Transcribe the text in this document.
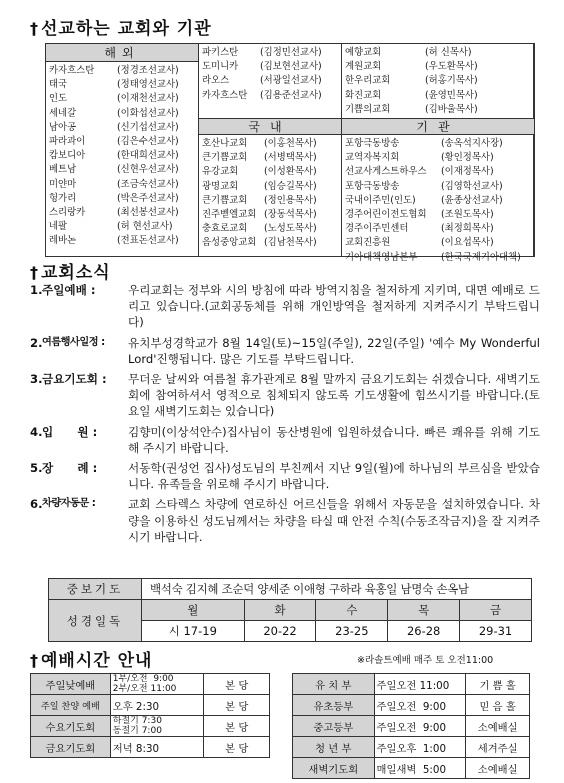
† 선교하는 교회와 기관
해외
카자흐스탄	(정경조선교사)
태국	(정태영선교사)
인도	(이재천선교사)
세네갈	(이화섭선교사)
남아공	(신기섭선교사)
파라과이	(김은수선교사)
캄보디아	(한대희선교사)
베트남	(신현우선교사)
미얀마	(조금숙선교사)
헝가리	(박은주선교사)
스리랑카	(최선봉선교사)
네팔	(허 현선교사)
레바논	(전표돈선교사)
파키스탄	(김정민선교사)
도미니카	(김보현선교사)
라오스	(서광일선교사)
카자흐스탄	(김용준선교사)
예향교회	(허 신목사)
계원교회	(우도환목사)
한우리교회	(허홍기목사)
화진교회	(윤영민목사)
기쁨의교회	(김바울목사)
국내	기관
호산나교회	(이홍천목사)
큰기쁨교회	(서병택목사)
유강교회	(이성환목사)
광명교회	(임승길목사)
큰기쁨교회	(정인용목사)
진주벧엘교회 (장동석목사)
충효로교회	(노성도목사)
음성중앙교회 (김남천목사)
포항극동방송	(송옥석지사장)
교역자복지회	(황인정목사)
선교사게스트하우스	(이재정목사)
포항극동방송	(김영학선교사)
국내이주민(인도)	(윤종상선교사)
경주어린이전도협회	(조원도목사)
경주이주민센터	(최정희목사)
교회진흥원	(이요섭목사)
기아대책영남본부	(한국국제기아대책)
† 교회소식
1. 주일예배 :	우리교회는 정부와 시의 방침에 따라 방역지침을 철저하게 지키며, 대면 예배로 드리고 있습니다.(교회공동체를 위해 개인방역을 철저하게 지켜주시기 부탁드립니다)
2. 여름행사일정 :	유치부성경학교가 8월 14일(토)~15일(주일), 22일(주일) '예수 My Wonderful Lord'진행됩니다. 많은 기도를 부탁드립니다.
3. 금요기도회 :	무더운 날씨와 여름철 휴가관계로 8월 말까지 금요기도회는 쉬겠습니다. 새벽기도회에 참여하셔서 영적으로 침체되지 않도록 기도생활에 힘쓰시기를 바랍니다.(토요일 새벽기도회는 있습니다)
4. 입      원 :	김향미(이상석안수)집사님이 동산병원에 입원하셨습니다. 빠른 쾌유를 위해 기도해 주시기 바랍니다.
5. 장      례 :	서동학(권성언 집사)성도님의 부친께서 지난 9일(월)에 하나님의 부르심을 받았습니다. 유족들을 위로해 주시기 바랍니다.
6. 차량자동문 :	교회 스타렉스 차량에 연로하신 어르신들을 위해서 자동문을 설치하였습니다. 차량을 이용하신 성도님께서는 차량을 타실 때 안전 수칙(수동조작금지)을 잘 지켜주시기 바랍니다.
중보기도	백석숙 김지혜 조순덕 양세준 이애형 구하라 육홍일 남명숙 손옥남				
성경일독	월	화	수	목	금
	시 17-19	20-22	23-25	26-28	29-31
† 예배시간 안내	※라솔트예배 매주 토 오전11:00
주일낮예배	1부/오전  9:00
2부/오전 11:00	본 당
주일 찬양 예배	오후 2:30	본 당
수요기도회	하절기 7:30
동절기 7:00	본 당
금요기도회	저녁 8:30	본 당
유 치 부	주일오전 11:00	기 쁨 홀
유초등부	주일오전  9:00	믿 음 홀
중고등부	주일오전  9:00	소예배실
청 년 부	주일오후  1:00	세겨주실
새벽기도회	매일새벽  5:00	소예배실
